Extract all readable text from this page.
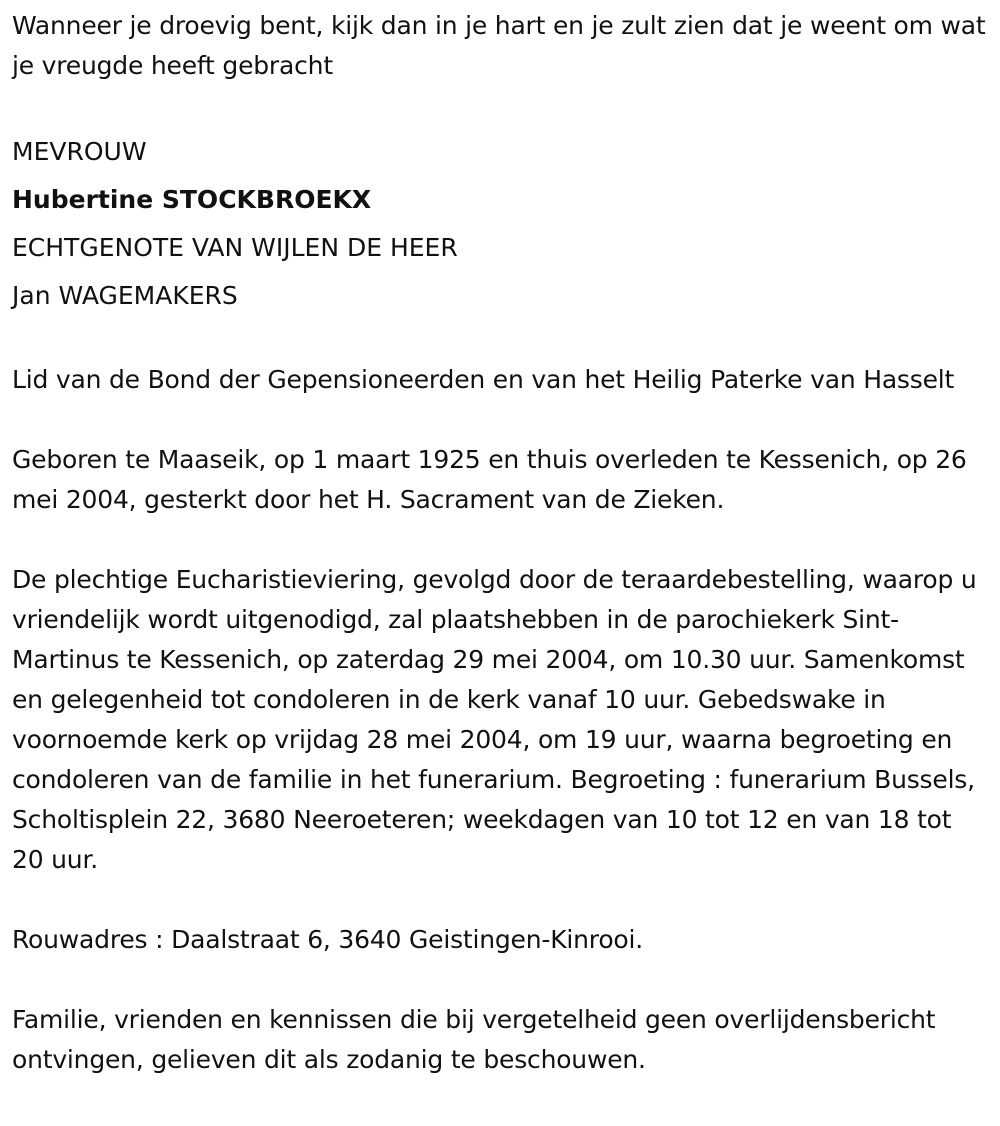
Wanneer je droevig bent, kijk dan in je hart en je zult zien dat je weent om wat je vreugde heeft gebracht

MEVROUW
Hubertine STOCKBROEKX
ECHTGENOTE VAN WIJLEN DE HEER
Jan WAGEMAKERS

Lid van de Bond der Gepensioneerden en van het Heilig Paterke van Hasselt

Geboren te Maaseik, op 1 maart 1925 en thuis overleden te Kessenich, op 26 mei 2004, gesterkt door het H. Sacrament van de Zieken.

De plechtige Eucharistieviering, gevolgd door de teraardebestelling, waarop u vriendelijk wordt uitgenodigd, zal plaatshebben in de parochiekerk Sint-Martinus te Kessenich, op zaterdag 29 mei 2004, om 10.30 uur. Samenkomst en gelegenheid tot condoleren in de kerk vanaf 10 uur. Gebedswake in voornoemde kerk op vrijdag 28 mei 2004, om 19 uur, waarna begroeting en condoleren van de familie in het funerarium. Begroeting : funerarium Bussels, Scholtisplein 22, 3680 Neeroeteren; weekdagen van 10 tot 12 en van 18 tot 20 uur.

Rouwadres : Daalstraat 6, 3640 Geistingen-Kinrooi.

Familie, vrienden en kennissen die bij vergetelheid geen overlijdensbericht ontvingen, gelieven dit als zodanig te beschouwen.
